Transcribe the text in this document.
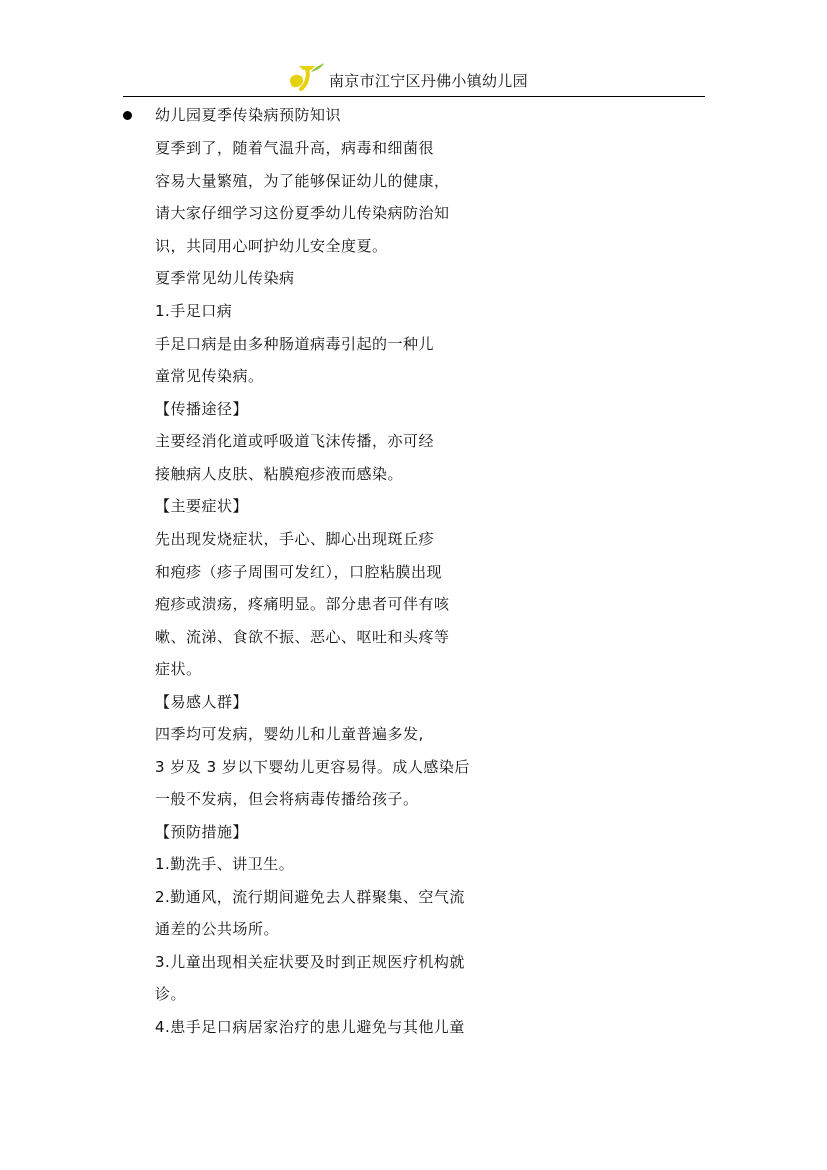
南京市江宁区丹佛小镇幼儿园
幼儿园夏季传染病预防知识
夏季到了，随着气温升高，病毒和细菌很
容易大量繁殖，为了能够保证幼儿的健康，
请大家仔细学习这份夏季幼儿传染病防治知
识，共同用心呵护幼儿安全度夏。
夏季常见幼儿传染病
1.手足口病
手足口病是由多种肠道病毒引起的一种儿
童常见传染病。
【传播途径】
主要经消化道或呼吸道飞沫传播，亦可经
接触病人皮肤、粘膜疱疹液而感染。
【主要症状】
先出现发烧症状，手心、脚心出现斑丘疹
和疱疹（疹子周围可发红），口腔粘膜出现
疱疹或溃疡，疼痛明显。部分患者可伴有咳
嗽、流涕、食欲不振、恶心、呕吐和头疼等
症状。
【易感人群】
四季均可发病，婴幼儿和儿童普遍多发,
3 岁及 3 岁以下婴幼儿更容易得。成人感染后
一般不发病，但会将病毒传播给孩子。
【预防措施】
1.勤洗手、讲卫生。
2.勤通风，流行期间避免去人群聚集、空气流
通差的公共场所。
3.儿童出现相关症状要及时到正规医疗机构就
诊。
4.患手足口病居家治疗的患儿避免与其他儿童
